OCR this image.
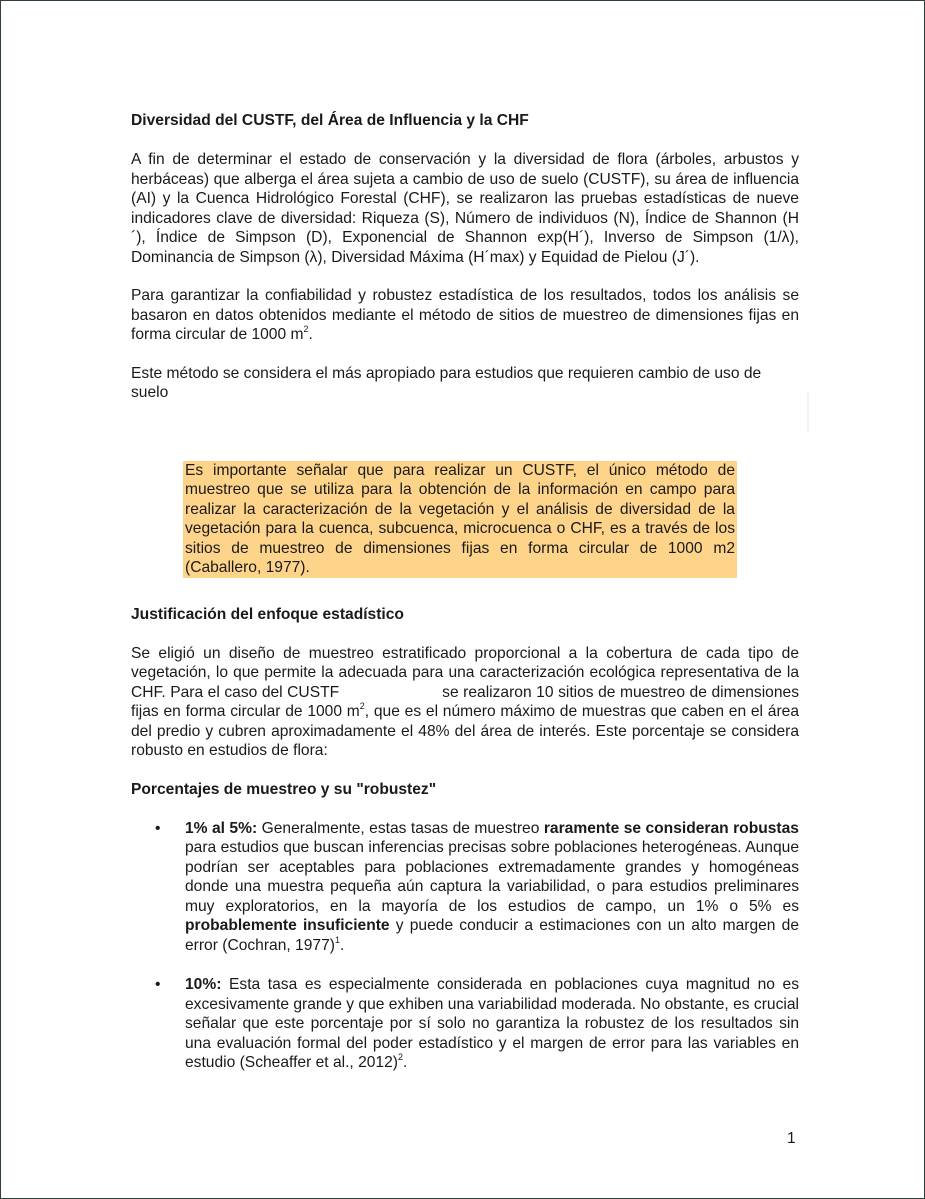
Diversidad del CUSTF, del Área de Influencia y la CHF

A fin de determinar el estado de conservación y la diversidad de flora (árboles, arbustos y herbáceas) que alberga el área sujeta a cambio de uso de suelo (CUSTF), su área de influencia (AI) y la Cuenca Hidrológico Forestal (CHF), se realizaron las pruebas estadísticas de nueve indicadores clave de diversidad: Riqueza (S), Número de individuos (N), Índice de Shannon (H´), Índice de Simpson (D), Exponencial de Shannon exp(H´), Inverso de Simpson (1/λ), Dominancia de Simpson (λ), Diversidad Máxima (H´max) y Equidad de Pielou (J´).

Para garantizar la confiabilidad y robustez estadística de los resultados, todos los análisis se basaron en datos obtenidos mediante el método de sitios de muestreo de dimensiones fijas en forma circular de 1000 $m^2$.

Este método se considera el más apropiado para estudios que requieren cambio de uso de suelo

Es importante señalar que para realizar un CUSTF, el único método de muestreo que se utiliza para la obtención de la información en campo para realizar la caracterización de la vegetación y el análisis de diversidad de la vegetación para la cuenca, subcuenca, microcuenca o CHF, es a través de los sitios de muestreo de dimensiones fijas en forma circular de 1000 m2 (Caballero, 1977).
Justificación del enfoque estadístico

Se eligió un diseño de muestreo estratificado proporcional a la cobertura de cada tipo de vegetación, lo que permite la adecuada para una caracterización ecológica representativa de la CHF. Para el caso del CUSTF	se realizaron 10 sitios de muestreo de dimensiones fijas en forma circular de 1000 $m^2$, que es el número máximo de muestras que caben en el área del predio y cubren aproximadamente el 48% del área de interés. Este porcentaje se considera robusto en estudios de flora:

Porcentajes de muestreo y su "robustez"
• 1% al 5%: Generalmente, estas tasas de muestreo raramente se consideran robustas para estudios que buscan inferencias precisas sobre poblaciones heterogéneas. Aunque podrían ser aceptables para poblaciones extremadamente grandes y homogéneas donde una muestra pequeña aún captura la variabilidad, o para estudios preliminares muy exploratorios, en la mayoría de los estudios de campo, un 1% o 5% es probablemente insuficiente y puede conducir a estimaciones con un alto margen de error (Cochran, 1977)$^1$.
• 10%: Esta tasa es especialmente considerada en poblaciones cuya magnitud no es excesivamente grande y que exhiben una variabilidad moderada. No obstante, es crucial señalar que este porcentaje por sí solo no garantiza la robustez de los resultados sin una evaluación formal del poder estadístico y el margen de error para las variables en estudio (Scheaffer et al., 2012)$^2$.
1
